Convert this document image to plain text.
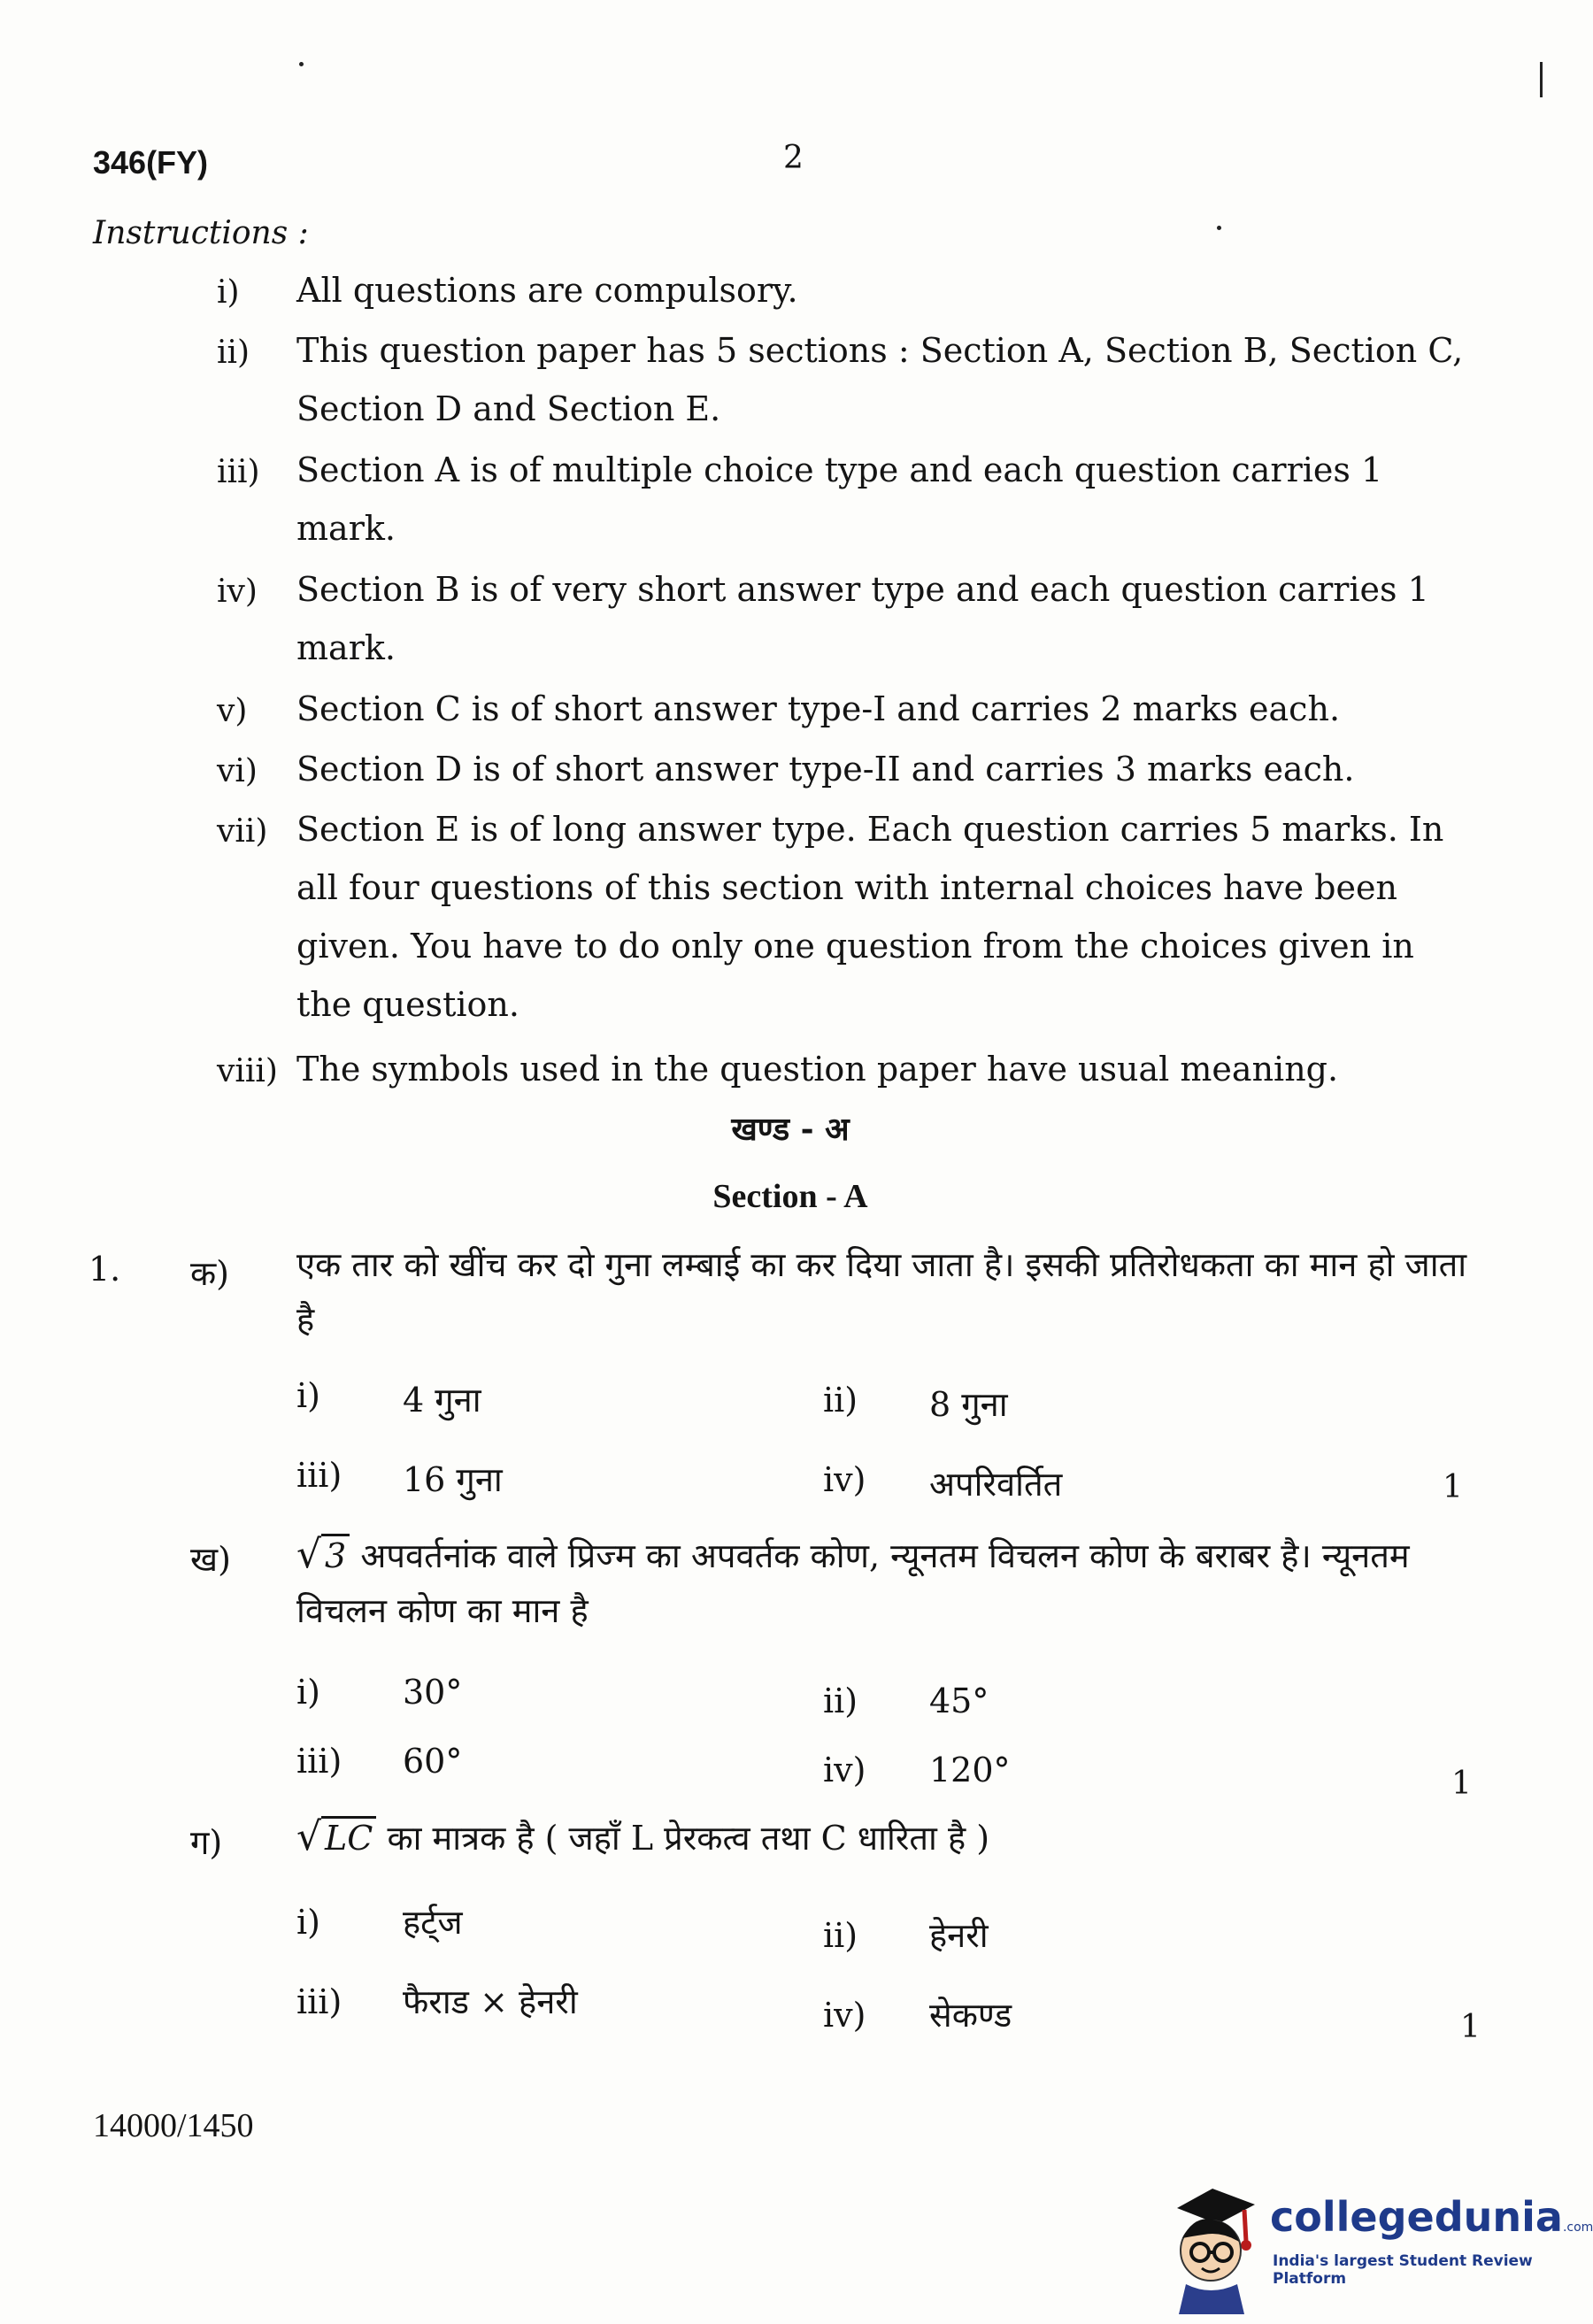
346(FY)	2
Instructions :
i) All questions are compulsory.
ii) This question paper has 5 sections : Section A, Section B, Section C, Section D and Section E.
iii) Section A is of multiple choice type and each question carries 1 mark.
iv) Section B is of very short answer type and each question carries 1 mark.
v) Section C is of short answer type-I and carries 2 marks each.
vi) Section D is of short answer type-II and carries 3 marks each.
vii) Section E is of long answer type. Each question carries 5 marks. In all four questions of this section with internal choices have been given. You have to do only one question from the choices given in the question.
viii) The symbols used in the question paper have usual meaning.
खण्ड - अ
Section - A
1. क) एक तार को खींच कर दो गुना लम्बाई का कर दिया जाता है। इसकी प्रतिरोधकता का मान हो जाता है
i) 4 गुना	ii) 8 गुना
iii) 16 गुना	iv) अपरिवर्तित	1
ख) √ 3 अपवर्तनांक वाले प्रिज्म का अपवर्तक कोण, न्यूनतम विचलन कोण के बराबर है। न्यूनतम विचलन कोण का मान है
i) 30°	ii) 45°
iii) 60°	iv) 120°	1
ग) √ LC का मात्रक है ( जहाँ L प्रेरकत्व तथा C धारिता है )
i) हर्ट्ज	ii) हेनरी
iii) फैराड × हेनरी	iv) सेकण्ड	1
14000/1450
collegedunia.com
India's largest Student Review Platform
